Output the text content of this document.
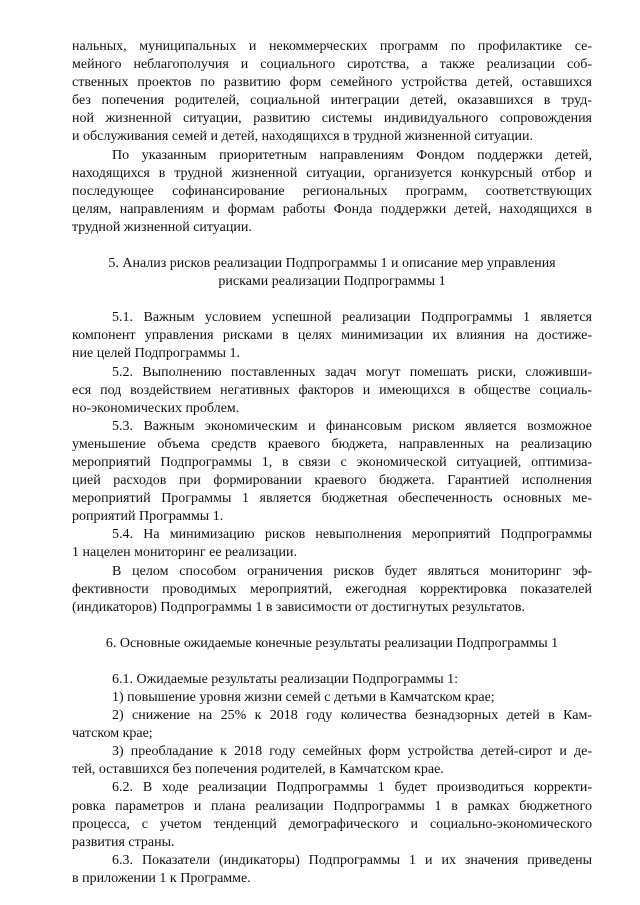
нальных, муниципальных и некоммерческих программ по профилактике се-
мейного неблагополучия и социального сиротства, а также реализации соб-
ственных проектов по развитию форм семейного устройства детей, оставшихся
без попечения родителей, социальной интеграции детей, оказавшихся в труд-
ной жизненной ситуации, развитию системы индивидуального сопровождения
и обслуживания семей и детей, находящихся в трудной жизненной ситуации.
По указанным приоритетным направлениям Фондом поддержки детей,
находящихся в трудной жизненной ситуации, организуется конкурсный отбор и
последующее софинансирование региональных программ, соответствующих
целям, направлениям и формам работы Фонда поддержки детей, находящихся в
трудной жизненной ситуации.
5. Анализ рисков реализации Подпрограммы 1 и описание мер управления
рисками реализации Подпрограммы 1
5.1. Важным условием успешной реализации Подпрограммы 1 является
компонент управления рисками в целях минимизации их влияния на достиже-
ние целей Подпрограммы 1.
5.2. Выполнению поставленных задач могут помешать риски, сложивши-
еся под воздействием негативных факторов и имеющихся в обществе социаль-
но-экономических проблем.
5.3. Важным экономическим и финансовым риском является возможное
уменьшение объема средств краевого бюджета, направленных на реализацию
мероприятий Подпрограммы 1, в связи с экономической ситуацией, оптимиза-
цией расходов при формировании краевого бюджета. Гарантией исполнения
мероприятий Программы 1 является бюджетная обеспеченность основных ме-
роприятий Программы 1.
5.4. На минимизацию рисков невыполнения мероприятий Подпрограммы
1 нацелен мониторинг ее реализации.
В целом способом ограничения рисков будет являться мониторинг эф-
фективности проводимых мероприятий, ежегодная корректировка показателей
(индикаторов) Подпрограммы 1 в зависимости от достигнутых результатов.
6. Основные ожидаемые конечные результаты реализации Подпрограммы 1
6.1. Ожидаемые результаты реализации Подпрограммы 1:
1) повышение уровня жизни семей с детьми в Камчатском крае;
2) снижение на 25% к 2018 году количества безнадзорных детей в Кам-
чатском крае;
3) преобладание к 2018 году семейных форм устройства детей-сирот и де-
тей, оставшихся без попечения родителей, в Камчатском крае.
6.2. В ходе реализации Подпрограммы 1 будет производиться корректи-
ровка параметров и плана реализации Подпрограммы 1 в рамках бюджетного
процесса, с учетом тенденций демографического и социально-экономического
развития страны.
6.3. Показатели (индикаторы) Подпрограммы 1 и их значения приведены
в приложении 1 к Программе.
